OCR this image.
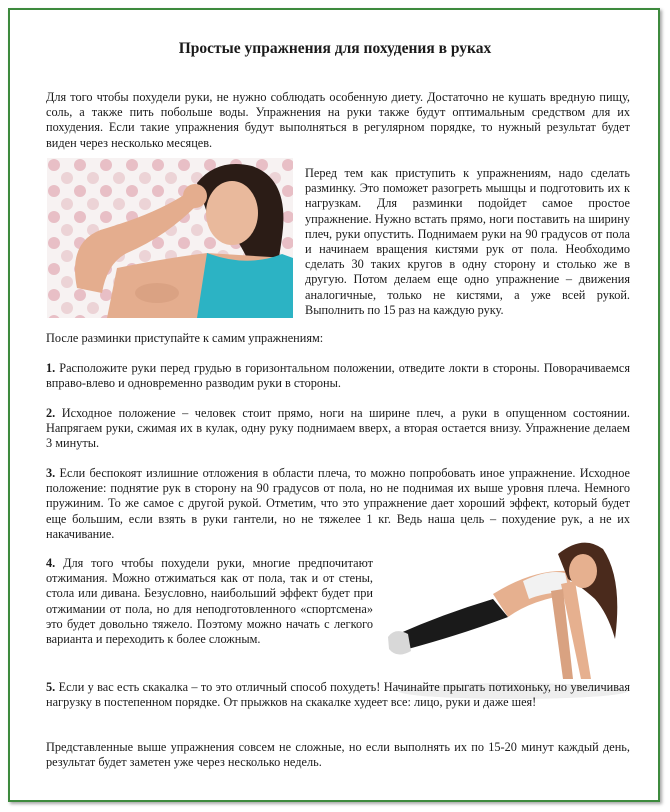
Простые упражнения для похудения в руках

Для того чтобы похудели руки, не нужно соблюдать особенную диету. Достаточно не кушать вредную пищу, соль, а также пить побольше воды. Упражнения на руки также будут оптимальным средством для их похудения. Если такие упражнения будут выполняться в регулярном порядке, то нужный результат будет виден через несколько месяцев.

Перед тем как приступить к упражнениям, надо сделать разминку. Это поможет разогреть мышцы и подготовить их к нагрузкам. Для разминки подойдет самое простое упражнение. Нужно встать прямо, ноги поставить на ширину плеч, руки опустить. Поднимаем руки на 90 градусов от пола и начинаем вращения кистями рук от пола. Необходимо сделать 30 таких кругов в одну сторону и столько же в другую. Потом делаем еще одно упражнение – движения аналогичные, только не кистями, а уже всей рукой. Выполнить по 15 раз на каждую руку.

После разминки приступайте к самим упражнениям:

1. Расположите руки перед грудью в горизонтальном положении, отведите локти в стороны. Поворачиваемся вправо-влево и одновременно разводим руки в стороны.

2. Исходное положение – человек стоит прямо, ноги на ширине плеч, а руки в опущенном состоянии. Напрягаем руки, сжимая их в кулак, одну руку поднимаем вверх, а вторая остается внизу. Упражнение делаем 3 минуты.

3. Если беспокоят излишние отложения в области плеча, то можно попробовать иное упражнение. Исходное положение: поднятие рук в сторону на 90 градусов от пола, но не поднимая их выше уровня плеча. Немного пружиним. То же самое с другой рукой. Отметим, что это упражнение дает хороший эффект, который будет еще большим, если взять в руки гантели, но не тяжелее 1 кг. Ведь наша цель – похудение рук, а не их накачивание.

4. Для того чтобы похудели руки, многие предпочитают отжимания. Можно отжиматься как от пола, так и от стены, стола или дивана. Безусловно, наибольший эффект будет при отжимании от пола, но для неподготовленного «спортсмена» это будет довольно тяжело. Поэтому можно начать с легкого варианта и переходить к более сложным.

5. Если у вас есть скакалка – то это отличный способ похудеть! Начинайте прыгать потихоньку, но увеличивая нагрузку в постепенном порядке. От прыжков на скакалке худеет все: лицо, руки и даже шея!

Представленные выше упражнения совсем не сложные, но если выполнять их по 15-20 минут каждый день, результат будет заметен уже через несколько недель.
